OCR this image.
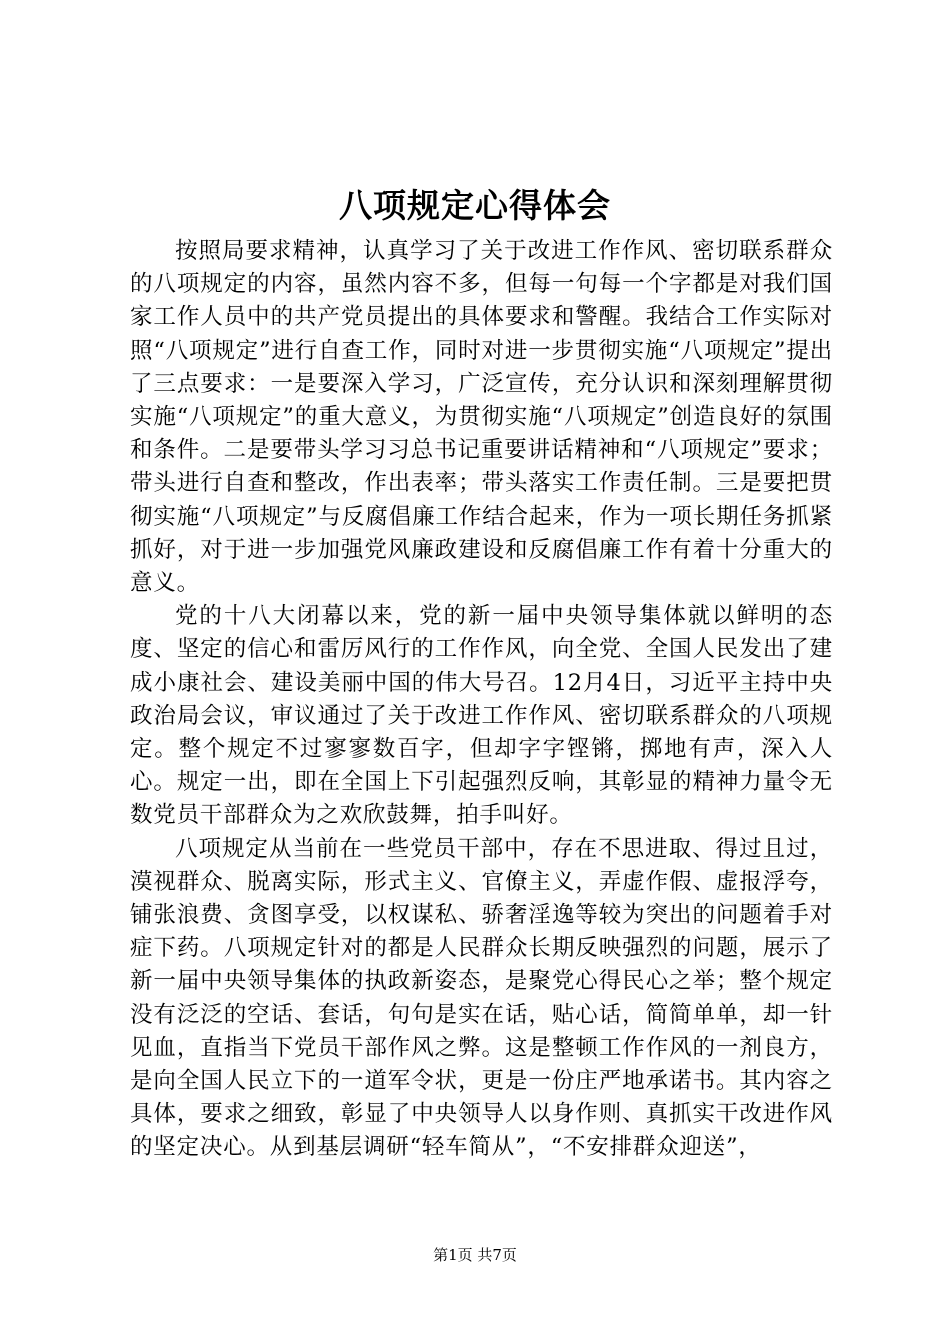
八项规定心得体会

按照局要求精神，认真学习了关于改进工作作风、密切联系群众的八项规定的内容，虽然内容不多，但每一句每一个字都是对我们国家工作人员中的共产党员提出的具体要求和警醒。我结合工作实际对照“八项规定”进行自查工作，同时对进一步贯彻实施“八项规定”提出了三点要求：一是要深入学习，广泛宣传，充分认识和深刻理解贯彻实施“八项规定”的重大意义，为贯彻实施“八项规定”创造良好的氛围和条件。二是要带头学习习总书记重要讲话精神和“八项规定”要求；带头进行自查和整改，作出表率；带头落实工作责任制。三是要把贯彻实施“八项规定”与反腐倡廉工作结合起来，作为一项长期任务抓紧抓好，对于进一步加强党风廉政建设和反腐倡廉工作有着十分重大的意义。

党的十八大闭幕以来，党的新一届中央领导集体就以鲜明的态度、坚定的信心和雷厉风行的工作作风，向全党、全国人民发出了建成小康社会、建设美丽中国的伟大号召。12月4日，习近平主持中央政治局会议，审议通过了关于改进工作作风、密切联系群众的八项规定。整个规定不过寥寥数百字，但却字字铿锵，掷地有声，深入人心。规定一出，即在全国上下引起强烈反响，其彰显的精神力量令无数党员干部群众为之欢欣鼓舞，拍手叫好。

八项规定从当前在一些党员干部中，存在不思进取、得过且过，漠视群众、脱离实际，形式主义、官僚主义，弄虚作假、虚报浮夸，铺张浪费、贪图享受，以权谋私、骄奢淫逸等较为突出的问题着手对症下药。八项规定针对的都是人民群众长期反映强烈的问题，展示了新一届中央领导集体的执政新姿态，是聚党心得民心之举；整个规定没有泛泛的空话、套话，句句是实在话，贴心话，简简单单，却一针见血，直指当下党员干部作风之弊。这是整顿工作作风的一剂良方，是向全国人民立下的一道军令状，更是一份庄严地承诺书。其内容之具体，要求之细致，彰显了中央领导人以身作则、真抓实干改进作风的坚定决心。从到基层调研“轻车简从”，“不安排群众迎送”，

第1页 共7页
